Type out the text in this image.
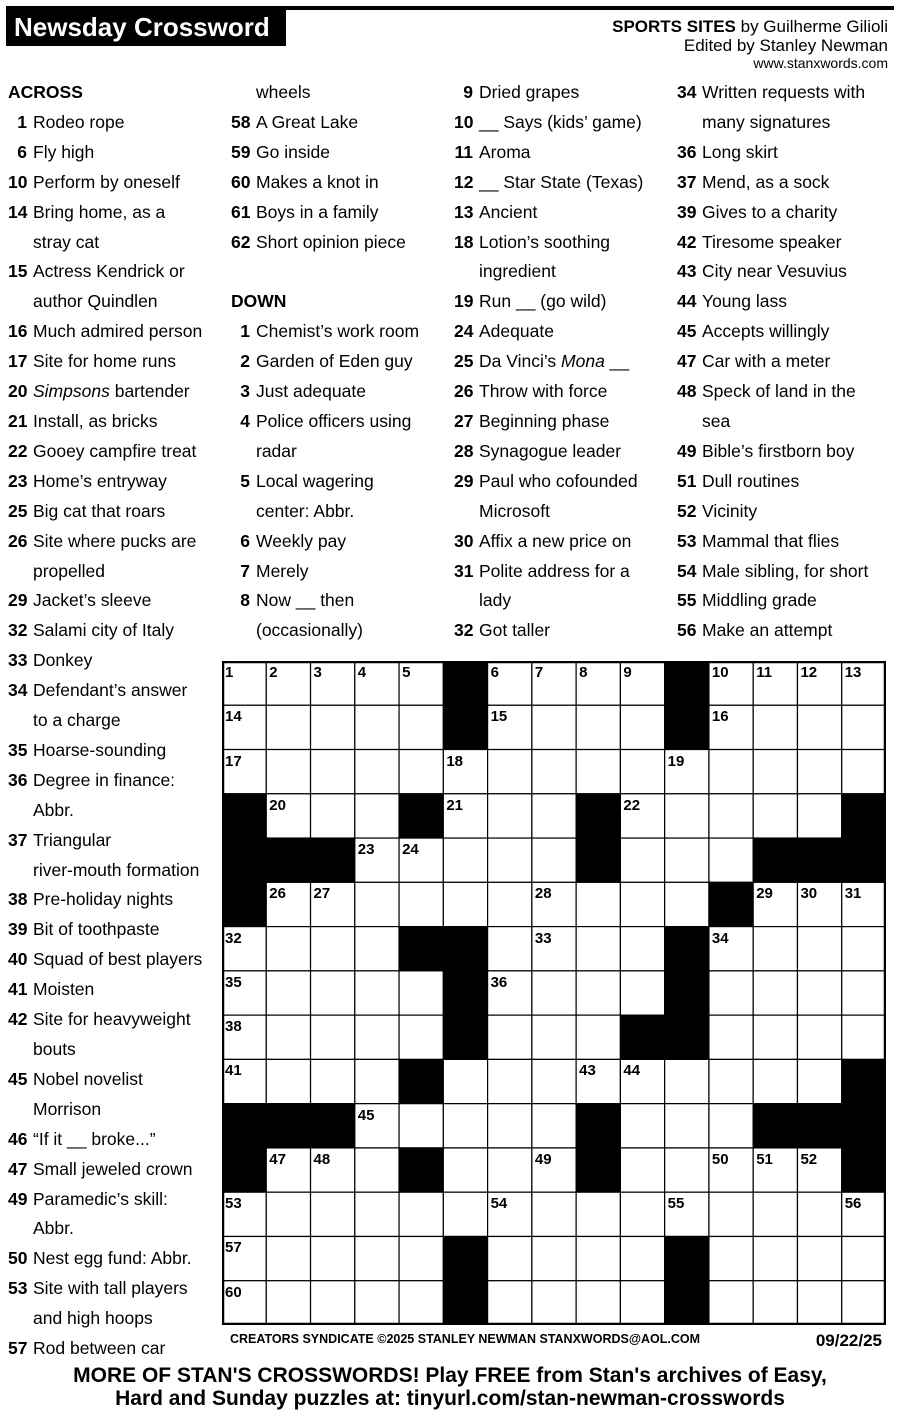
Newsday Crossword	SPORTS SITES by Guilherme Gilioli
Edited by Stanley Newman
www.stanxwords.com
ACROSS
1 Rodeo rope
6 Fly high
10 Perform by oneself
14 Bring home, as a
stray cat
15 Actress Kendrick or
author Quindlen
16 Much admired person
17 Site for home runs
20 Simpsons bartender
21 Install, as bricks
22 Gooey campfire treat
23 Home’s entryway
25 Big cat that roars
26 Site where pucks are
propelled
29 Jacket’s sleeve
32 Salami city of Italy
33 Donkey
34 Defendant’s answer
to a charge
35 Hoarse-sounding
36 Degree in finance:
Abbr.
37 Triangular
river-mouth formation
38 Pre-holiday nights
39 Bit of toothpaste
40 Squad of best players
41 Moisten
42 Site for heavyweight
bouts
45 Nobel novelist
Morrison
46 “If it __ broke...”
47 Small jeweled crown
49 Paramedic’s skill:
Abbr.
50 Nest egg fund: Abbr.
53 Site with tall players
and high hoops
57 Rod between car
wheels
58 A Great Lake
59 Go inside
60 Makes a knot in
61 Boys in a family
62 Short opinion piece

DOWN
1 Chemist’s work room
2 Garden of Eden guy
3 Just adequate
4 Police officers using
radar
5 Local wagering
center: Abbr.
6 Weekly pay
7 Merely
8 Now __ then
(occasionally)
9 Dried grapes
10 __ Says (kids’ game)
11 Aroma
12 __ Star State (Texas)
13 Ancient
18 Lotion’s soothing
ingredient
19 Run __ (go wild)
24 Adequate
25 Da Vinci’s Mona __
26 Throw with force
27 Beginning phase
28 Synagogue leader
29 Paul who cofounded
Microsoft
30 Affix a new price on
31 Polite address for a
lady
32 Got taller
34 Written requests with
many signatures
36 Long skirt
37 Mend, as a sock
39 Gives to a charity
42 Tiresome speaker
43 City near Vesuvius
44 Young lass
45 Accepts willingly
47 Car with a meter
48 Speck of land in the
sea
49 Bible’s firstborn boy
51 Dull routines
52 Vicinity
53 Mammal that flies
54 Male sibling, for short
55 Middling grade
56 Make an attempt
1 2 3 4 5	6 7 8 9	10 11 12 13
14	15	16
17	18	19
20	21	22
23 24	25
26 27	28	29 30 31
32	33	34
35	36	37
38	39	40
41	42	43 44
45	46
47 48	49	50 51 52
53	54	55	56
57	58	59
60	61	62
CREATORS SYNDICATE ©2025 STANLEY NEWMAN STANXWORDS@AOL.COM	09/22/25
MORE OF STAN'S CROSSWORDS! Play FREE from Stan's archives of Easy,
Hard and Sunday puzzles at: tinyurl.com/stan-newman-crosswords
